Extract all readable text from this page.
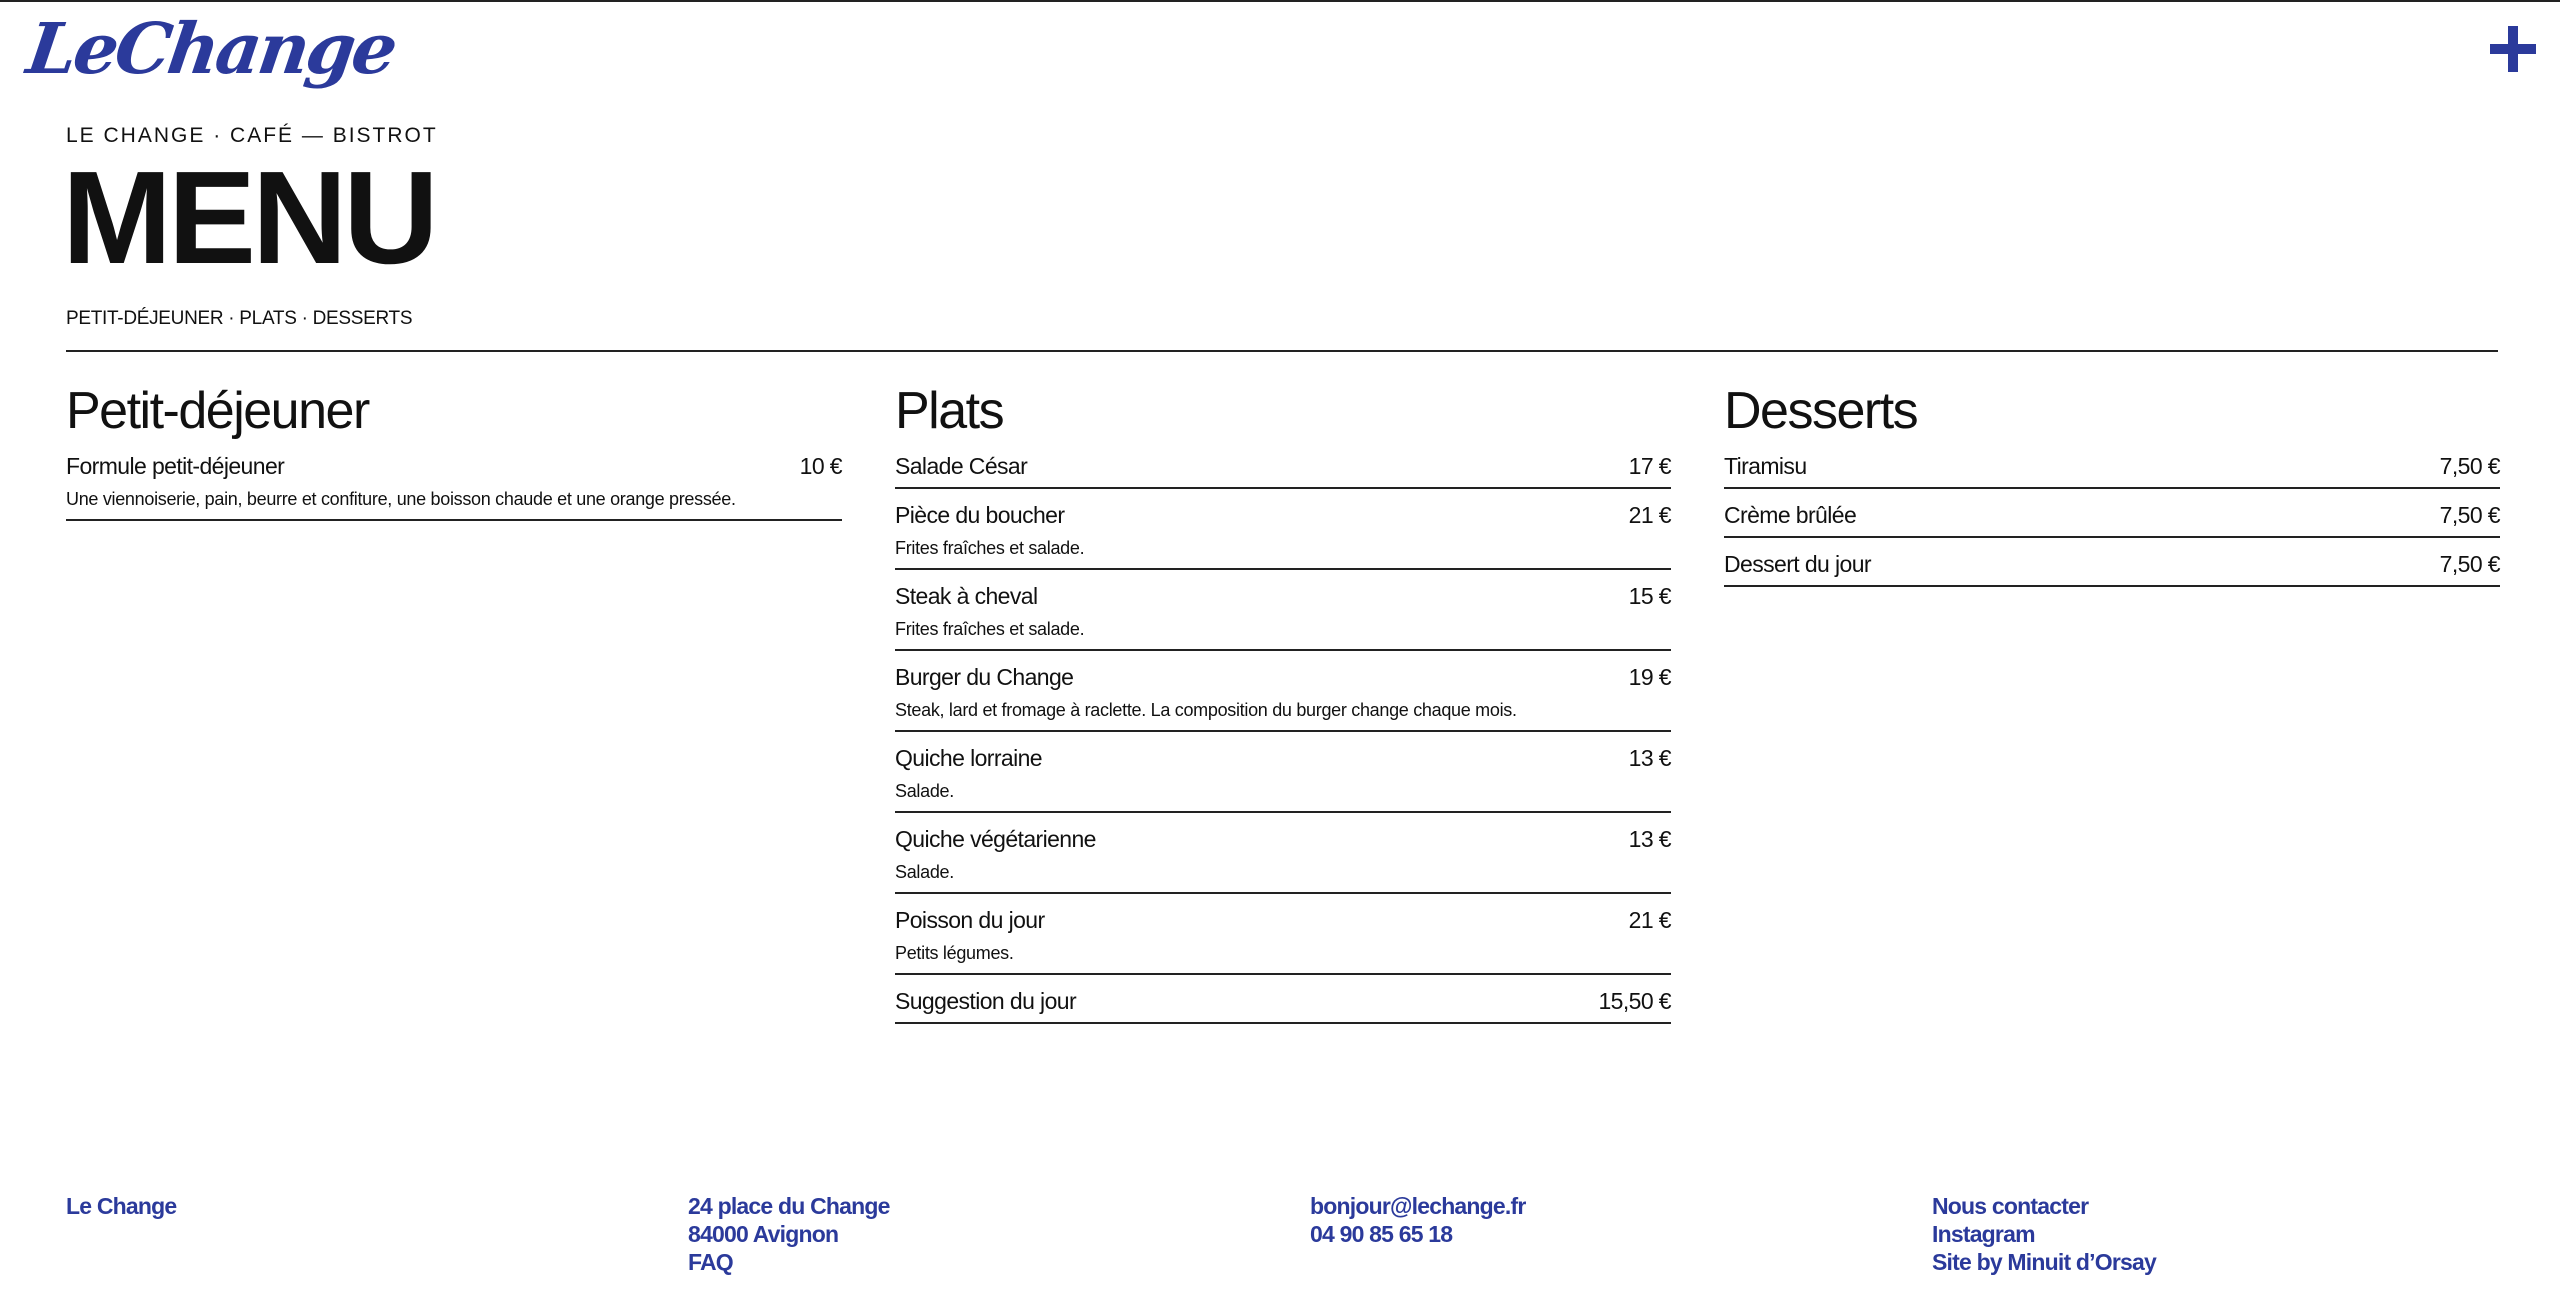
LeChange
LE CHANGE · CAFÉ — BISTROT
MENU
PETIT-DÉJEUNER · PLATS · DESSERTS
Petit-déjeuner
Formule petit-déjeuner	10 €
Une viennoiserie, pain, beurre et confiture, une boisson chaude et une orange pressée.
Plats
Salade César	17 €
Pièce du boucher	21 €
Frites fraîches et salade.
Steak à cheval	15 €
Frites fraîches et salade.
Burger du Change	19 €
Steak, lard et fromage à raclette. La composition du burger change chaque mois.
Quiche lorraine	13 €
Salade.
Quiche végétarienne	13 €
Salade.
Poisson du jour	21 €
Petits légumes.
Suggestion du jour	15,50 €
Desserts
Tiramisu	7,50 €
Crème brûlée	7,50 €
Dessert du jour	7,50 €
Le Change	24 place du Change
84000 Avignon
FAQ
bonjour@lechange.fr
04 90 85 65 18
Nous contacter
Instagram
Site by Minuit d’Orsay
